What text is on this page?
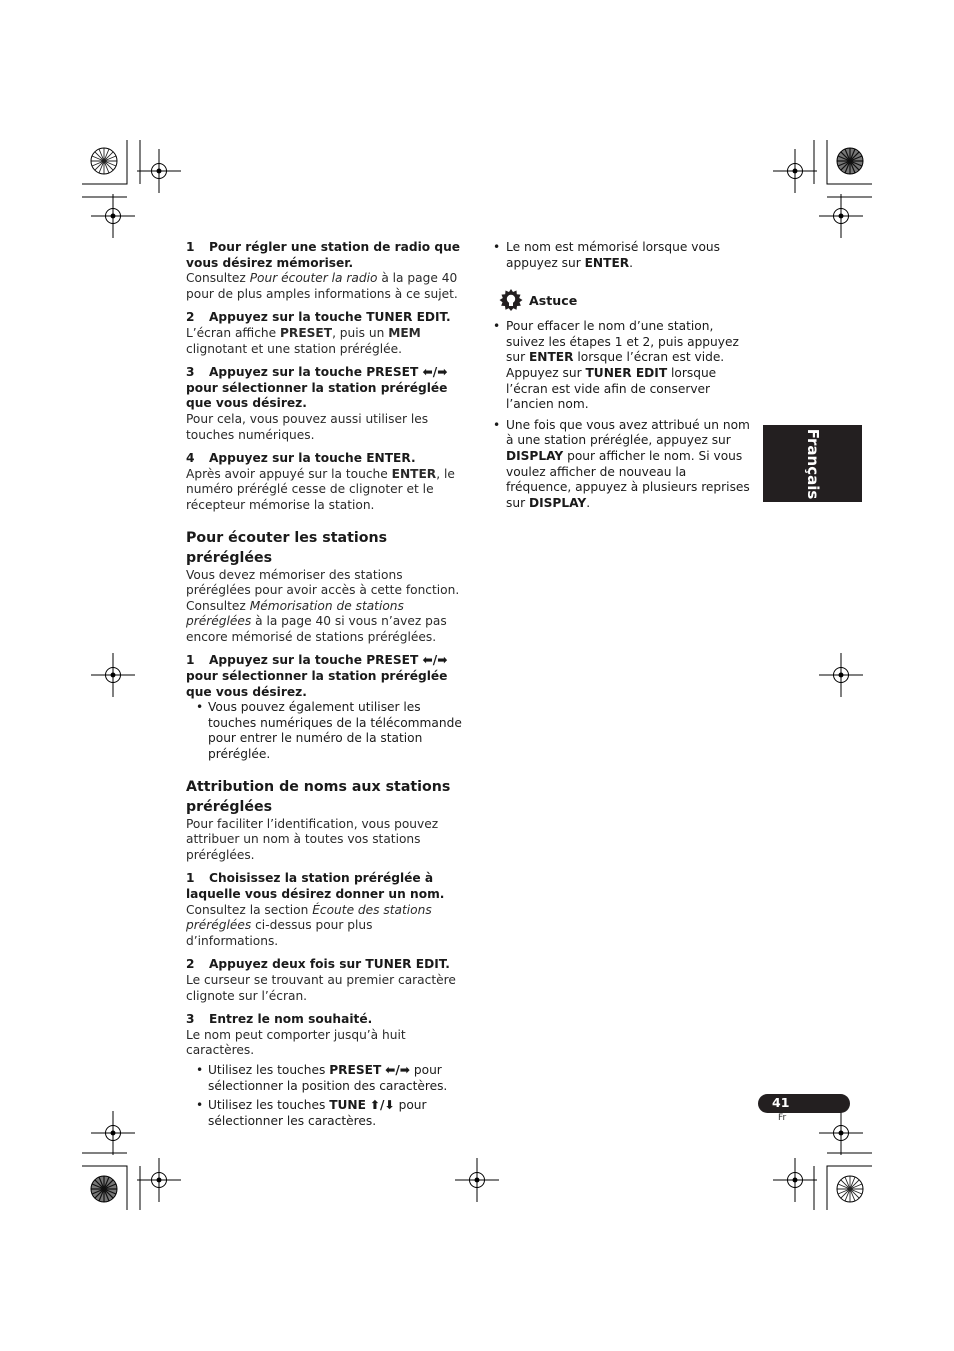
1 Pour régler une station de radio que vous désirez mémoriser.

Consultez Pour écouter la radio à la page 40 pour de plus amples informations à ce sujet.

2 Appuyez sur la touche TUNER EDIT.

L’écran affiche PRESET, puis un MEM clignotant et une station préréglée.

3 Appuyez sur la touche PRESET ⬅/➡ pour sélectionner la station préréglée que vous désirez.

Pour cela, vous pouvez aussi utiliser les touches numériques.

4 Appuyez sur la touche ENTER.

Après avoir appuyé sur la touche ENTER, le numéro préréglé cesse de clignoter et le récepteur mémorise la station.

Pour écouter les stations préréglées

Vous devez mémoriser des stations préréglées pour avoir accès à cette fonction. Consultez Mémorisation de stations préréglées à la page 40 si vous n’avez pas encore mémorisé de stations préréglées.

1 Appuyez sur la touche PRESET ⬅/➡ pour sélectionner la station préréglée que vous désirez.

• Vous pouvez également utiliser les touches numériques de la télécommande pour entrer le numéro de la station préréglée.
Attribution de noms aux stations préréglées

Pour faciliter l’identification, vous pouvez attribuer un nom à toutes vos stations préréglées.

1 Choisissez la station préréglée à laquelle vous désirez donner un nom.

Consultez la section Écoute des stations préréglées ci-dessus pour plus d’informations.

2 Appuyez deux fois sur TUNER EDIT.

Le curseur se trouvant au premier caractère clignote sur l’écran.

3 Entrez le nom souhaité.

Le nom peut comporter jusqu’à huit caractères.

• Utilisez les touches PRESET ⬅/➡ pour sélectionner la position des caractères.
• Utilisez les touches TUNE ⬆/⬇ pour sélectionner les caractères.
• Le nom est mémorisé lorsque vous appuyez sur ENTER.
Astuce
• Pour effacer le nom d’une station, suivez les étapes 1 et 2, puis appuyez sur ENTER lorsque l’écran est vide. Appuyez sur TUNER EDIT lorsque l’écran est vide afin de conserver l’ancien nom.
• Une fois que vous avez attribué un nom à une station préréglée, appuyez sur DISPLAY pour afficher le nom. Si vous voulez afficher de nouveau la fréquence, appuyez à plusieurs reprises sur DISPLAY.
Français
41
Fr
